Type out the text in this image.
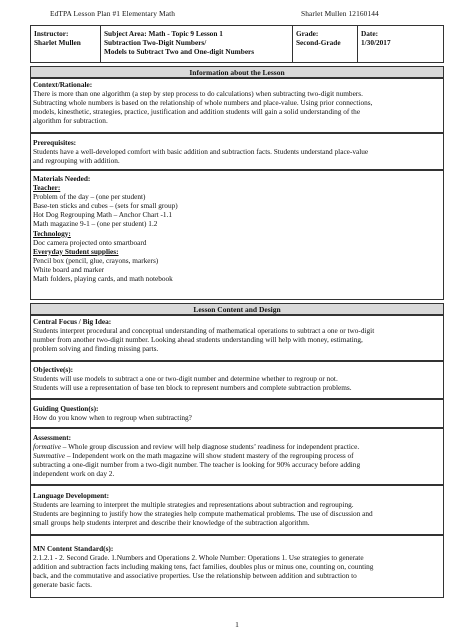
EdTPA Lesson Plan #1 Elementary Math	Sharlet Mullen 12160144
Instructor:
Sharlet Mullen
Subject Area: Math - Topic 9 Lesson 1
Subtraction Two-Digit Numbers/
Models to Subtract Two and One-digit Numbers
Grade:
Second-Grade
Date:
1/30/2017
Information about the Lesson
Context/Rationale:
There is more than one algorithm (a step by step process to do calculations) when subtracting two-digit numbers.
Subtracting whole numbers is based on the relationship of whole numbers and place-value. Using prior connections,
models, kinesthetic, strategies, practice, justification and addition students will gain a solid understanding of the
algorithm for subtraction.
Prerequisites:
Students have a well-developed comfort with basic addition and subtraction facts. Students understand place-value
and regrouping with addition.
Materials Needed:
Teacher:
Problem of the day – (one per student)
Base-ten sticks and cubes – (sets for small group)
Hot Dog Regrouping Math – Anchor Chart -1.1
Math magazine 9-1 – (one per student) 1.2
Technology:
Doc camera projected onto smartboard
Everyday Student supplies:
Pencil box (pencil, glue, crayons, markers)
White board and marker
Math folders, playing cards, and math notebook
Lesson Content and Design
Central Focus / Big Idea:
Students interpret procedural and conceptual understanding of mathematical operations to subtract a one or two-digit
number from another two-digit number. Looking ahead students understanding will help with money, estimating,
problem solving and finding missing parts.
Objective(s):
Students will use models to subtract a one or two-digit number and determine whether to regroup or not.
Students will use a representation of base ten block to represent numbers and complete subtraction problems.
Guiding Question(s):
How do you know when to regroup when subtracting?
Assessment:
formative – Whole group discussion and review will help diagnose students’ readiness for independent practice.
Summative – Independent work on the math magazine will show student mastery of the regrouping process of
subtracting a one-digit number from a two-digit number. The teacher is looking for 90% accuracy before adding
independent work on day 2.
Language Development:
Students are learning to interpret the multiple strategies and representations about subtraction and regrouping.
Students are beginning to justify how the strategies help compute mathematical problems. The use of discussion and
small groups help students interpret and describe their knowledge of the subtraction algorithm.
MN Content Standard(s):
2.1.2.1 - 2. Second Grade. 1.Numbers and Operations 2. Whole Number: Operations 1. Use strategies to generate
addition and subtraction facts including making tens, fact families, doubles plus or minus one, counting on, counting
back, and the commutative and associative properties. Use the relationship between addition and subtraction to
generate basic facts.
1
